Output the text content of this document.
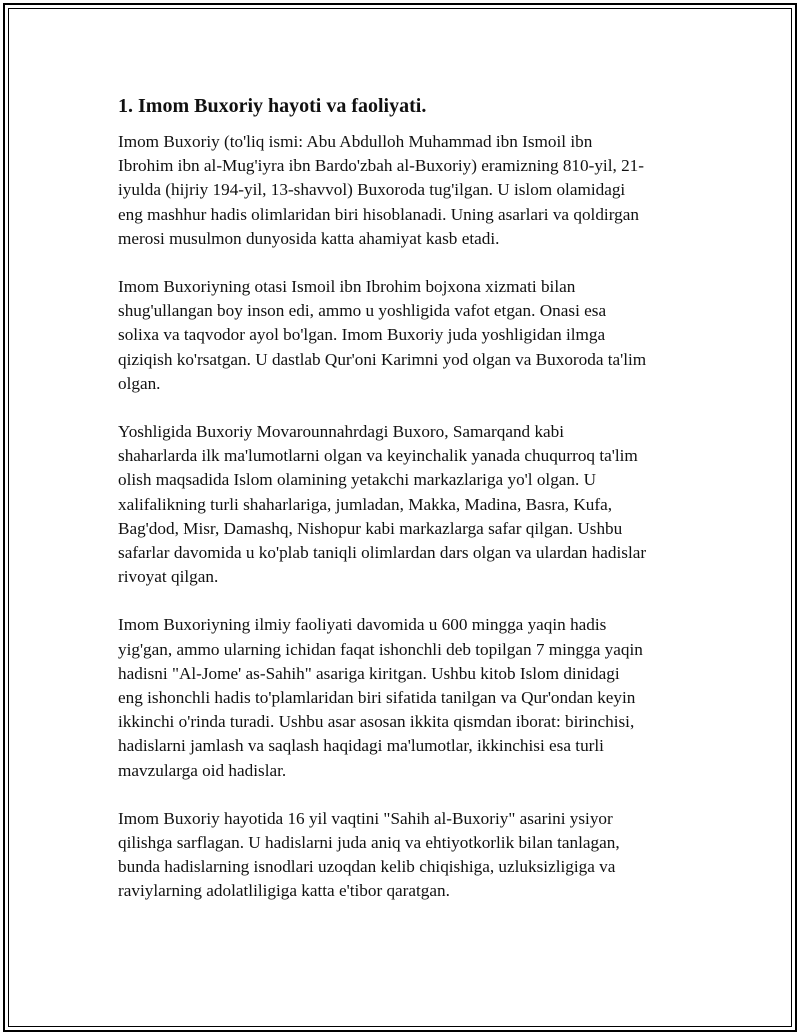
1. Imom Buxoriy hayoti va faoliyati.

Imom Buxoriy (to'liq ismi: Abu Abdulloh Muhammad ibn Ismoil ibn
Ibrohim ibn al-Mug'iyra ibn Bardo'zbah al-Buxoriy) eramizning 810-yil, 21-
iyulda (hijriy 194-yil, 13-shavvol) Buxoroda tug'ilgan. U islom olamidagi
eng mashhur hadis olimlaridan biri hisoblanadi. Uning asarlari va qoldirgan
merosi musulmon dunyosida katta ahamiyat kasb etadi.

Imom Buxoriyning otasi Ismoil ibn Ibrohim bojxona xizmati bilan
shug'ullangan boy inson edi, ammo u yoshligida vafot etgan. Onasi esa
solixa va taqvodor ayol bo'lgan. Imom Buxoriy juda yoshligidan ilmga
qiziqish ko'rsatgan. U dastlab Qur'oni Karimni yod olgan va Buxoroda ta'lim
olgan.

Yoshligida Buxoriy Movarounnahrdagi Buxoro, Samarqand kabi
shaharlarda ilk ma'lumotlarni olgan va keyinchalik yanada chuqurroq ta'lim
olish maqsadida Islom olamining yetakchi markazlariga yo'l olgan. U
xalifalikning turli shaharlariga, jumladan, Makka, Madina, Basra, Kufa,
Bag'dod, Misr, Damashq, Nishopur kabi markazlarga safar qilgan. Ushbu
safarlar davomida u ko'plab taniqli olimlardan dars olgan va ulardan hadislar
rivoyat qilgan.

Imom Buxoriyning ilmiy faoliyati davomida u 600 mingga yaqin hadis
yig'gan, ammo ularning ichidan faqat ishonchli deb topilgan 7 mingga yaqin
hadisni "Al-Jome' as-Sahih" asariga kiritgan. Ushbu kitob Islom dinidagi
eng ishonchli hadis to'plamlaridan biri sifatida tanilgan va Qur'ondan keyin
ikkinchi o'rinda turadi. Ushbu asar asosan ikkita qismdan iborat: birinchisi,
hadislarni jamlash va saqlash haqidagi ma'lumotlar, ikkinchisi esa turli
mavzularga oid hadislar.

Imom Buxoriy hayotida 16 yil vaqtini "Sahih al-Buxoriy" asarini ysiyor
qilishga sarflagan. U hadislarni juda aniq va ehtiyotkorlik bilan tanlagan,
bunda hadislarning isnodlari uzoqdan kelib chiqishiga, uzluksizligiga va
raviylarning adolatliligiga katta e'tibor qaratgan.
